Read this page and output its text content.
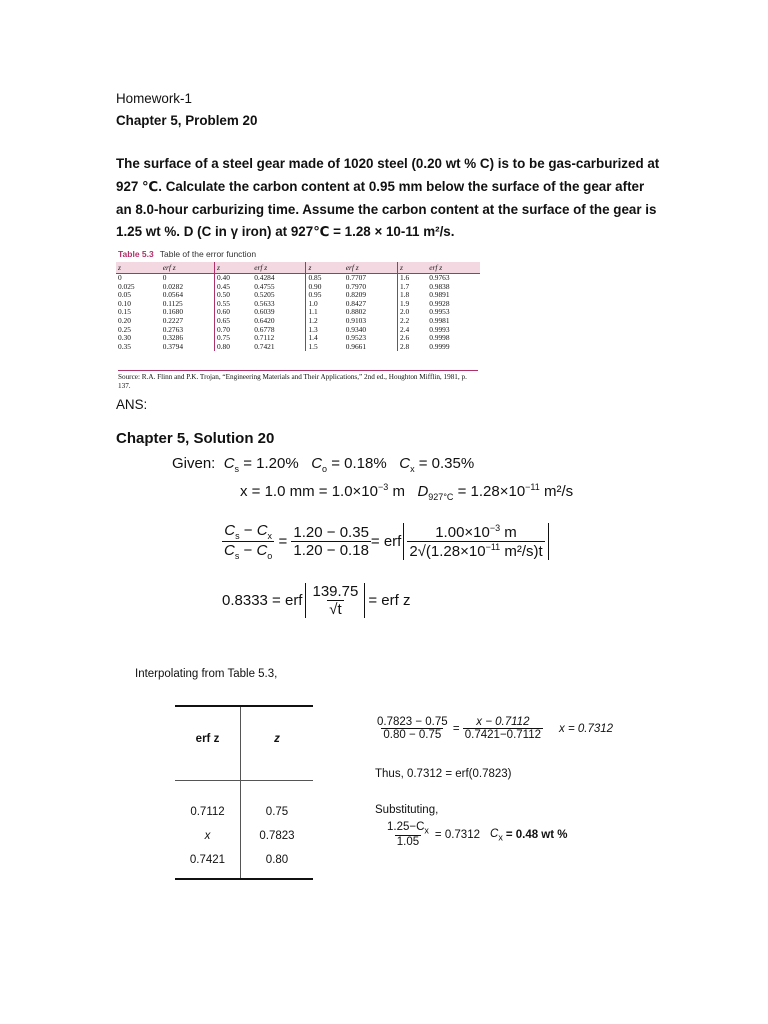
Homework-1
Chapter 5, Problem 20
The surface of a steel gear made of 1020 steel (0.20 wt % C) is to be gas-carburized at
927 ℃. Calculate the carbon content at 0.95 mm below the surface of the gear after
an 8.0-hour carburizing time. Assume the carbon content at the surface of the gear is
1.25 wt %. D (C in γ iron) at 927℃ = 1.28 × 10-11 m²/s.
Table 5.3 Table of the error function
z	erf z	z	erf z	z	erf z	z	erf z
0	0	0.40	0.4284	0.85	0.7707	1.6	0.9763
0.025	0.0282	0.45	0.4755	0.90	0.7970	1.7	0.9838
0.05	0.0564	0.50	0.5205	0.95	0.8209	1.8	0.9891
0.10	0.1125	0.55	0.5633	1.0	0.8427	1.9	0.9928
0.15	0.1680	0.60	0.6039	1.1	0.8802	2.0	0.9953
0.20	0.2227	0.65	0.6420	1.2	0.9103	2.2	0.9981
0.25	0.2763	0.70	0.6778	1.3	0.9340	2.4	0.9993
0.30	0.3286	0.75	0.7112	1.4	0.9523	2.6	0.9998
0.35	0.3794	0.80	0.7421	1.5	0.9661	2.8	0.9999
Source: R.A. Flinn and P.K. Trojan, “Engineering Materials and Their Applications,” 2nd ed., Houghton Mifflin, 1981, p. 137.
ANS:
Chapter 5, Solution 20
Given: $C_s = 1.20\%$ $C_o = 0.18\%$ $C_x = 0.35\%$
x = 1.0 mm = $1.0\times 10^{-3}$ m $D_{927^\circ C} = 1.28\times 10^{-11}$ m²/s
$\frac{C_s - C_x}{C_s - C_o} = \frac{1.20 - 0.35}{1.20 - 0.18}$ = erf $\frac{1.00\times 10^{-3} m}{2√(1.28\times 10^{-11} m^2/s)t}$
0.8333 = erf $\frac{139.75}{√t}$ = erf z
Interpolating from Table 5.3,
erf z	z
0.7112	0.75
x	0.7823
0.7421	0.80
$\frac{0.7823 - 0.75}{0.80 - 0.75} = \frac{x - 0.7112}{0.7421-0.7112}$ x = 0.7312
Thus, 0.7312 = erf(0.7823)
Substituting,
$\frac{1.25-C_x}{1.05} = 0.7312$ $C_x = 0.48$ wt %
